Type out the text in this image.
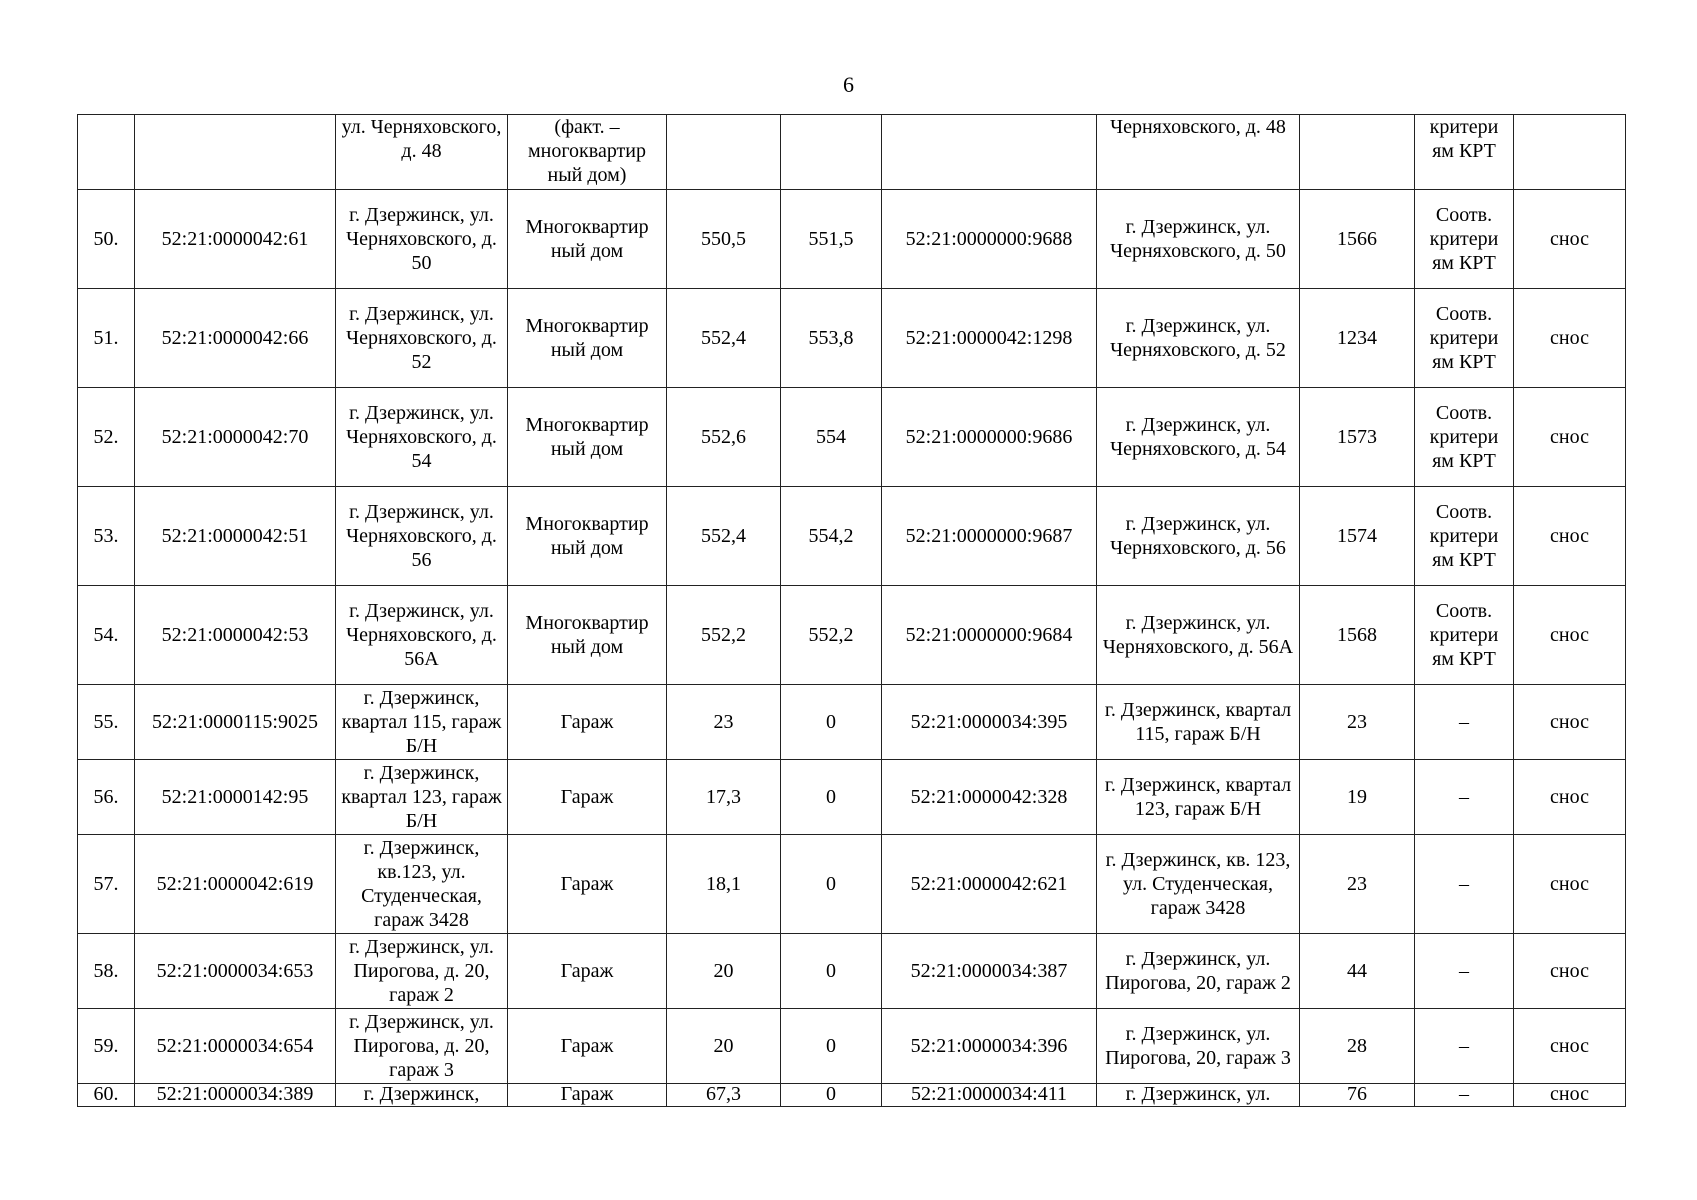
6
		ул. Черняховского, д. 48	(факт. – многоквартир ный дом)				Черняховского, д. 48		критери ям КРТ	
50.	52:21:0000042:61	г. Дзержинск, ул. Черняховского, д. 50	Многоквартир ный дом	550,5	551,5	52:21:0000000:9688	г. Дзержинск, ул. Черняховского, д. 50	1566	Соотв. критери ям КРТ	снос
51.	52:21:0000042:66	г. Дзержинск, ул. Черняховского, д. 52	Многоквартир ный дом	552,4	553,8	52:21:0000042:1298	г. Дзержинск, ул. Черняховского, д. 52	1234	Соотв. критери ям КРТ	снос
52.	52:21:0000042:70	г. Дзержинск, ул. Черняховского, д. 54	Многоквартир ный дом	552,6	554	52:21:0000000:9686	г. Дзержинск, ул. Черняховского, д. 54	1573	Соотв. критери ям КРТ	снос
53.	52:21:0000042:51	г. Дзержинск, ул. Черняховского, д. 56	Многоквартир ный дом	552,4	554,2	52:21:0000000:9687	г. Дзержинск, ул. Черняховского, д. 56	1574	Соотв. критери ям КРТ	снос
54.	52:21:0000042:53	г. Дзержинск, ул. Черняховского, д. 56А	Многоквартир ный дом	552,2	552,2	52:21:0000000:9684	г. Дзержинск, ул. Черняховского, д. 56А	1568	Соотв. критери ям КРТ	снос
55.	52:21:0000115:9025	г. Дзержинск, квартал 115, гараж Б/Н	Гараж	23	0	52:21:0000034:395	г. Дзержинск, квартал 115, гараж Б/Н	23	–	снос
56.	52:21:0000142:95	г. Дзержинск, квартал 123, гараж Б/Н	Гараж	17,3	0	52:21:0000042:328	г. Дзержинск, квартал 123, гараж Б/Н	19	–	снос
57.	52:21:0000042:619	г. Дзержинск, кв.123, ул. Студенческая, гараж 3428	Гараж	18,1	0	52:21:0000042:621	г. Дзержинск, кв. 123, ул. Студенческая, гараж 3428	23	–	снос
58.	52:21:0000034:653	г. Дзержинск, ул. Пирогова, д. 20, гараж 2	Гараж	20	0	52:21:0000034:387	г. Дзержинск, ул. Пирогова, 20, гараж 2	44	–	снос
59.	52:21:0000034:654	г. Дзержинск, ул. Пирогова, д. 20, гараж 3	Гараж	20	0	52:21:0000034:396	г. Дзержинск, ул. Пирогова, 20, гараж 3	28	–	снос
60.	52:21:0000034:389	г. Дзержинск,	Гараж	67,3	0	52:21:0000034:411	г. Дзержинск, ул.	76	–	снос
